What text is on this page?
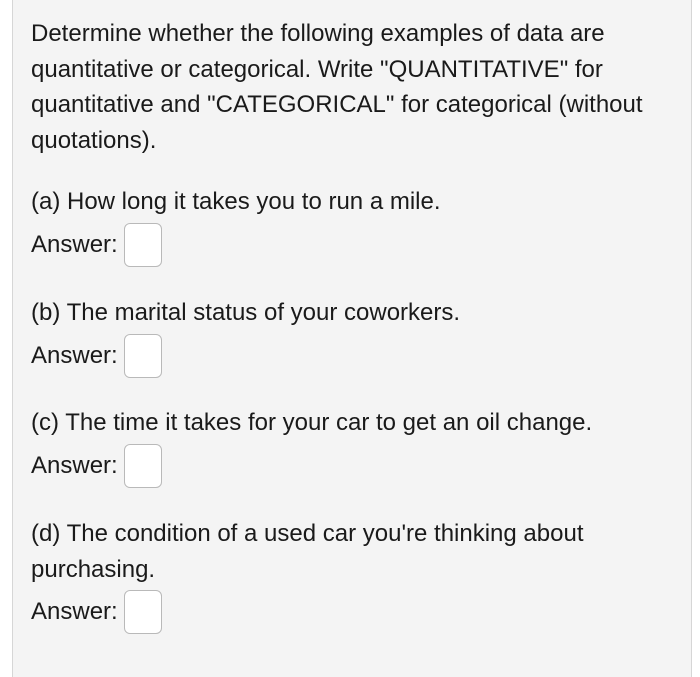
Determine whether the following examples of data are quantitative or categorical. Write "QUANTITATIVE" for quantitative and "CATEGORICAL" for categorical (without quotations).

(a) How long it takes you to run a mile.

Answer:

(b) The marital status of your coworkers.

Answer:

(c) The time it takes for your car to get an oil change.

Answer:

(d) The condition of a used car you're thinking about purchasing.

Answer:
